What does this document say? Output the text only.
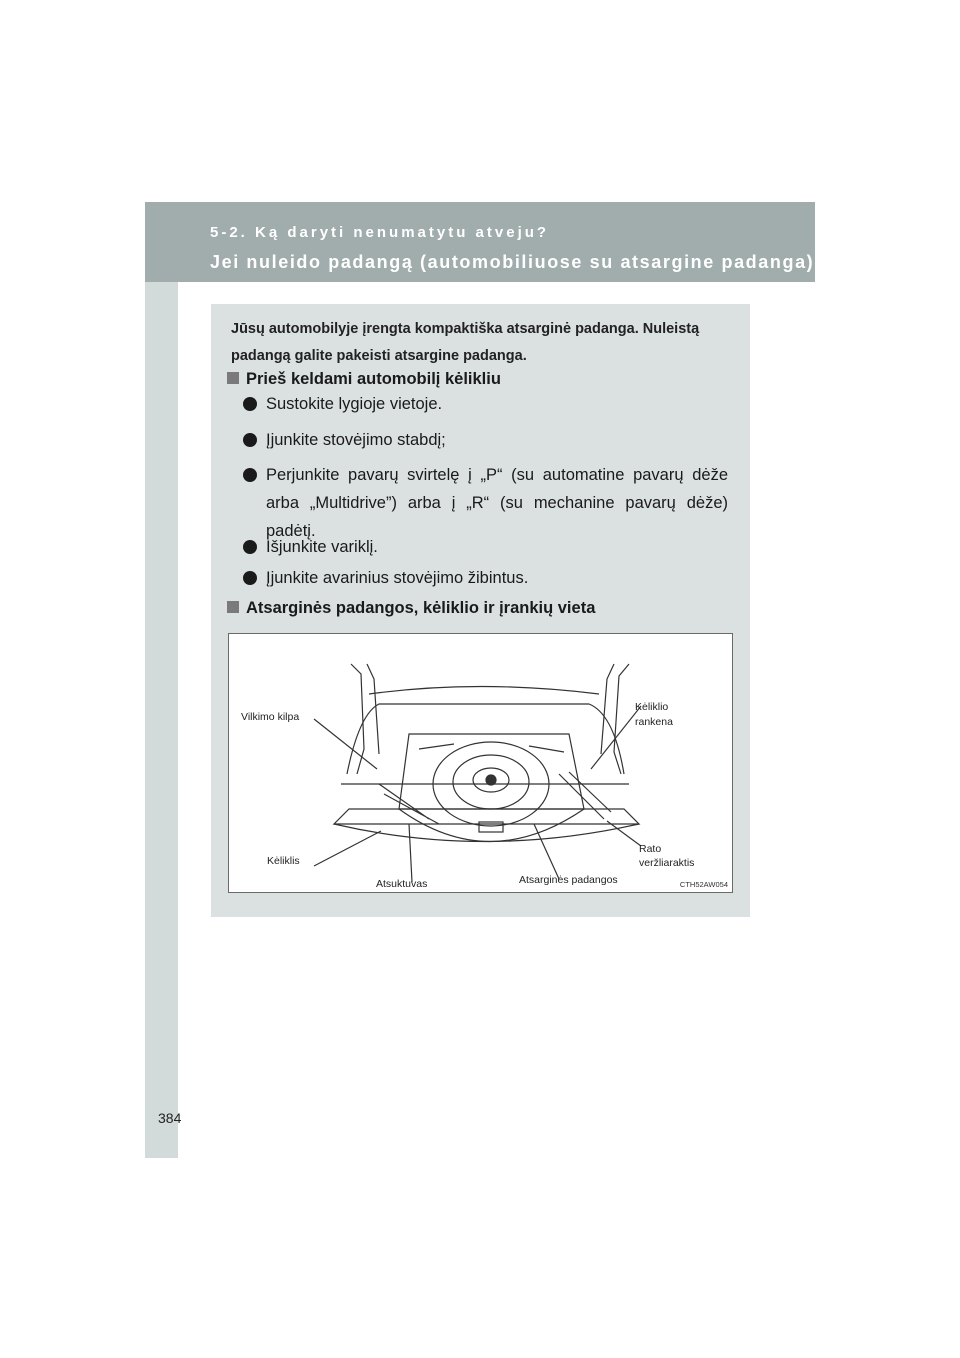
5-2. Ką daryti nenumatytu atveju?
Jei nuleido padangą (automobiliuose su atsargine padanga)
Jūsų automobilyje įrengta kompaktiška atsarginė padanga. Nuleistą padangą galite pakeisti atsargine padanga.
Prieš keldami automobilį kėlikliu
Sustokite lygioje vietoje.
Įjunkite stovėjimo stabdį;
Perjunkite pavarų svirtelę į „P“ (su automatine pavarų dėže arba „Multidrive”) arba į „R“ (su mechanine pavarų dėže) padėtį.
Išjunkite variklį.
Įjunkite avarinius stovėjimo žibintus.
Atsarginės padangos, kėliklio ir įrankių vieta
Vilkimo kilpa
Kėliklio
rankena
Kėliklis
Rato
veržliaraktis
Atsuktuvas	Atsarginės padangos	CTH52AW054
384
